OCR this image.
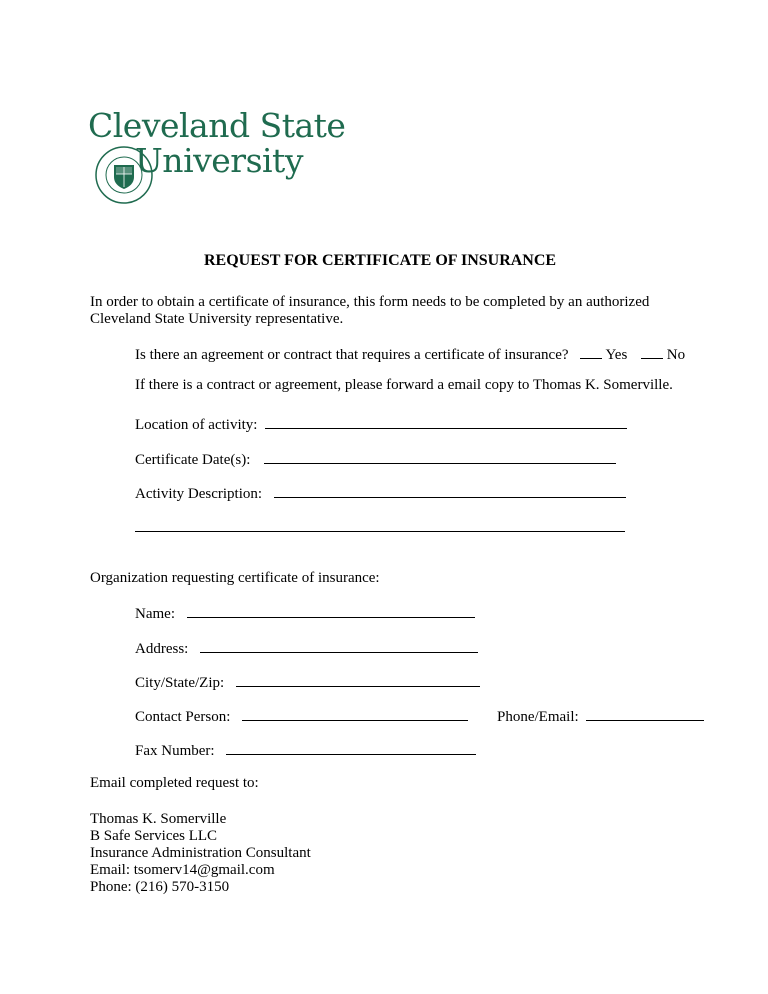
Cleveland State
University
REQUEST FOR CERTIFICATE OF INSURANCE
In order to obtain a certificate of insurance, this form needs to be completed by an authorized
Cleveland State University representative.
Is there an agreement or contract that requires a certificate of insurance? Yes	No
If there is a contract or agreement, please forward a email copy to Thomas K. Somerville.
Location of activity:
Certificate Date(s):
Activity Description:
Organization requesting certificate of insurance:
Name:
Address:
City/State/Zip:
Contact Person:	Phone/Email:
Fax Number:
Email completed request to:
Thomas K. Somerville
B Safe Services LLC
Insurance Administration Consultant
Email: tsomerv14@gmail.com
Phone: (216) 570-3150
